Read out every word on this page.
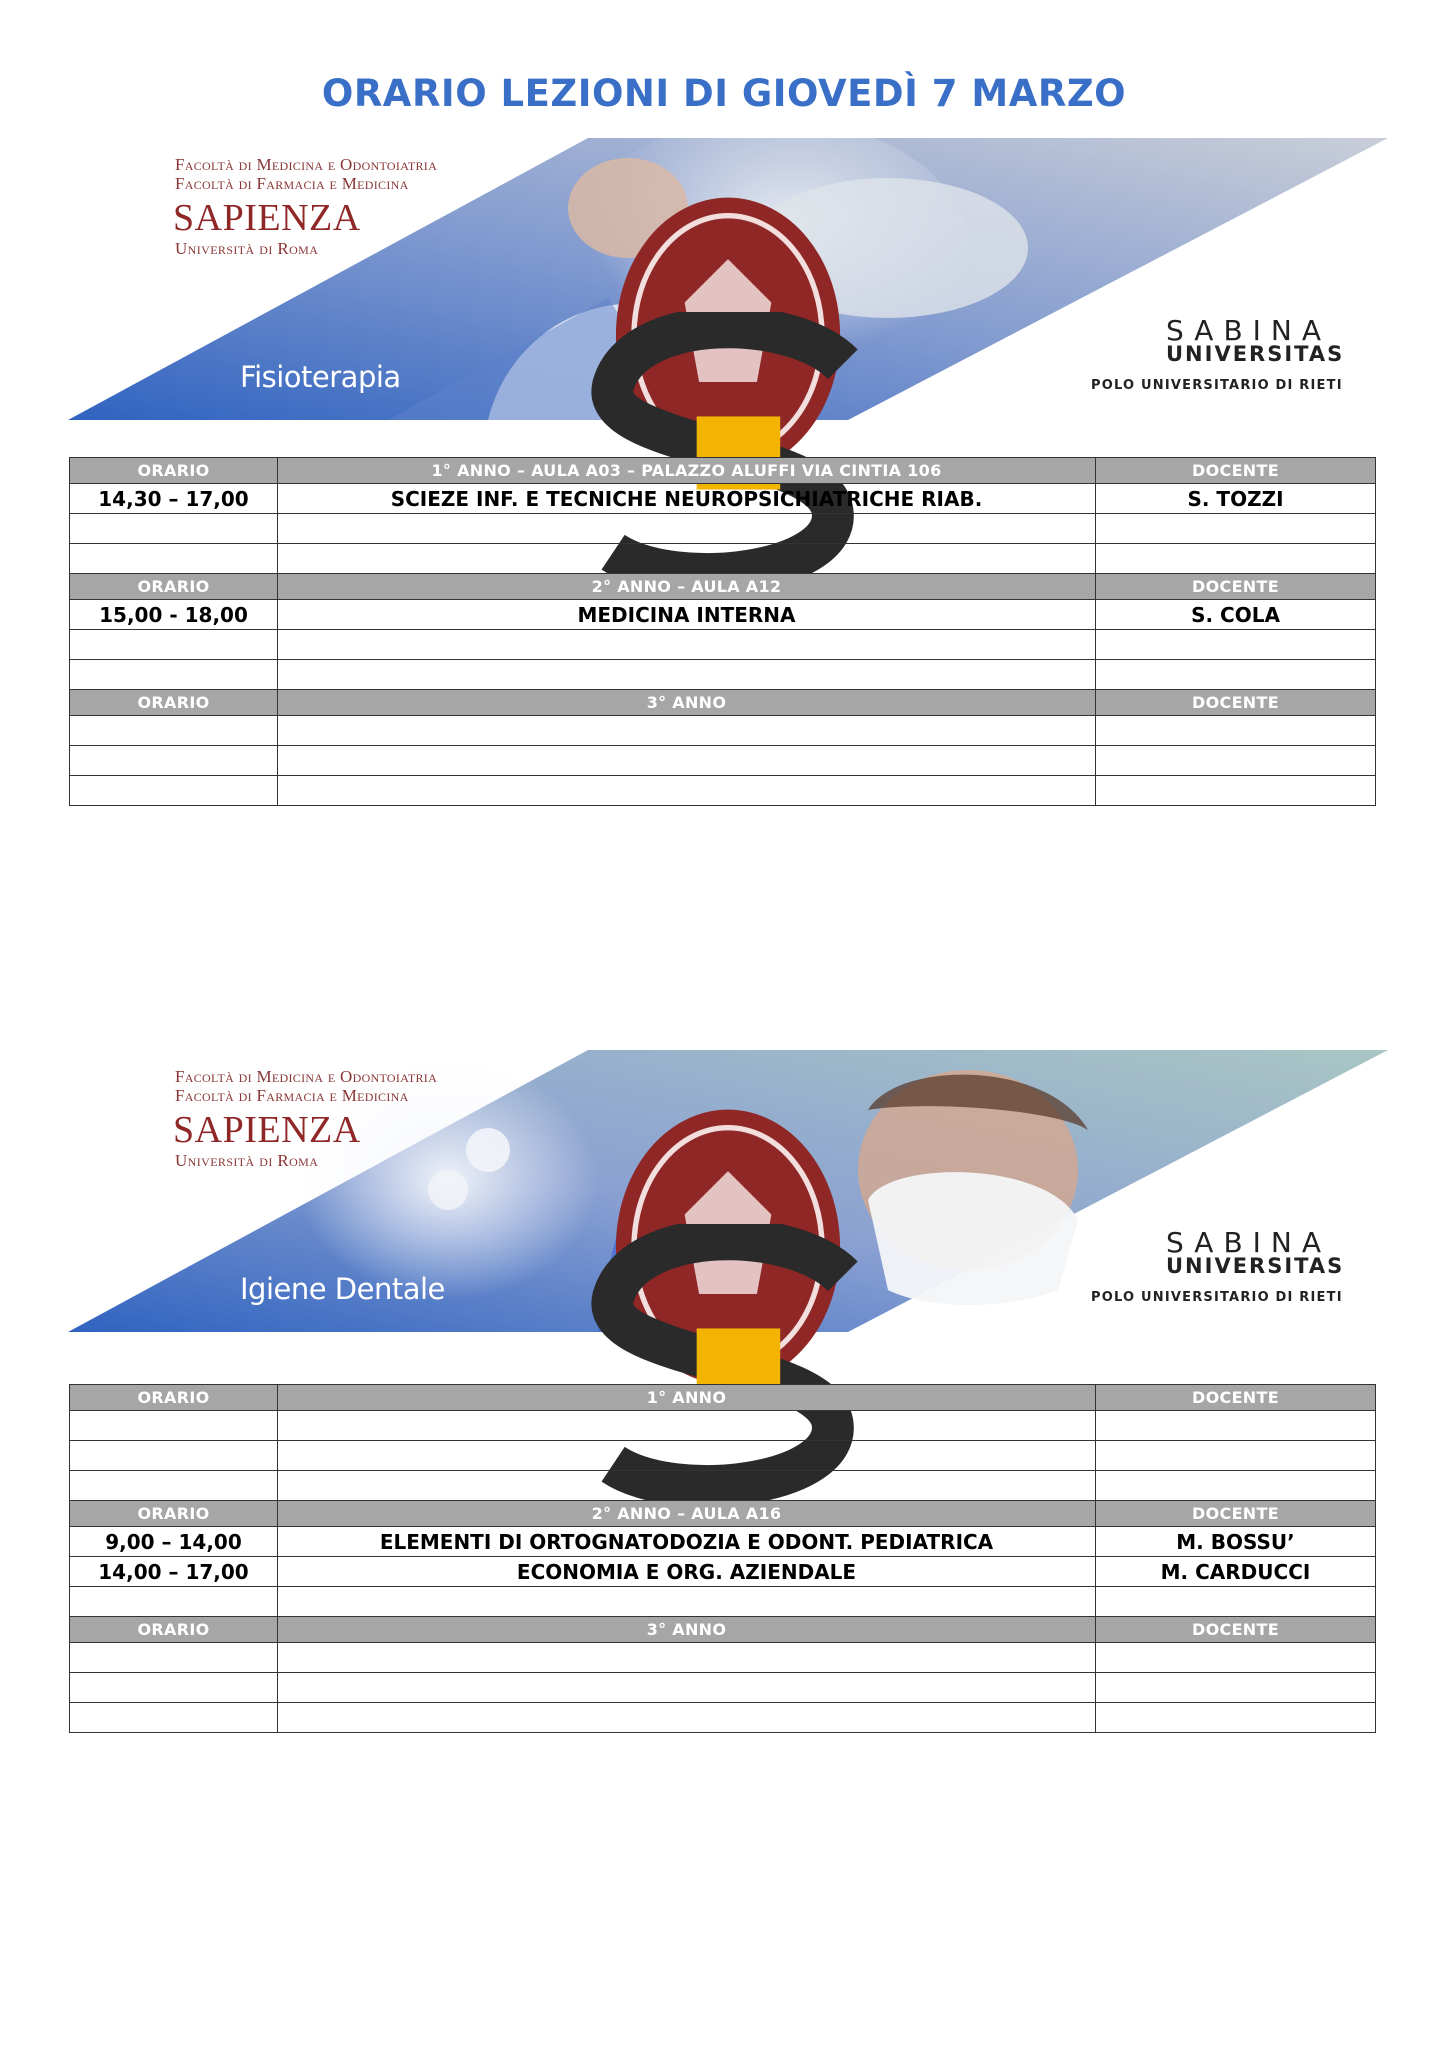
ORARIO LEZIONI DI GIOVEDÌ 7 MARZO
Facoltà di Medicina e Odontoiatria
Facoltà di Farmacia e Medicina
SAPIENZA
Università di Roma
Fisioterapia
SABINA
UNIVERSITAS
POLO UNIVERSITARIO DI RIETI
ORARIO	1° ANNO – AULA A03 – PALAZZO ALUFFI VIA CINTIA 106	DOCENTE
14,30 – 17,00	SCIEZE INF. E TECNICHE NEUROPSICHIATRICHE RIAB.	S. TOZZI

ORARIO	2° ANNO – AULA A12	DOCENTE
15,00 - 18,00	MEDICINA INTERNA	S. COLA

ORARIO	3° ANNO	DOCENTE

Facoltà di Medicina e Odontoiatria
Facoltà di Farmacia e Medicina
SAPIENZA
Università di Roma
Igiene Dentale
SABINA
UNIVERSITAS
POLO UNIVERSITARIO DI RIETI
ORARIO	1° ANNO	DOCENTE

ORARIO	2° ANNO – AULA A16	DOCENTE
9,00 – 14,00	ELEMENTI DI ORTOGNATODOZIA E ODONT. PEDIATRICA	M. BOSSU’
14,00 – 17,00	ECONOMIA E ORG. AZIENDALE	M. CARDUCCI

ORARIO	3° ANNO	DOCENTE
